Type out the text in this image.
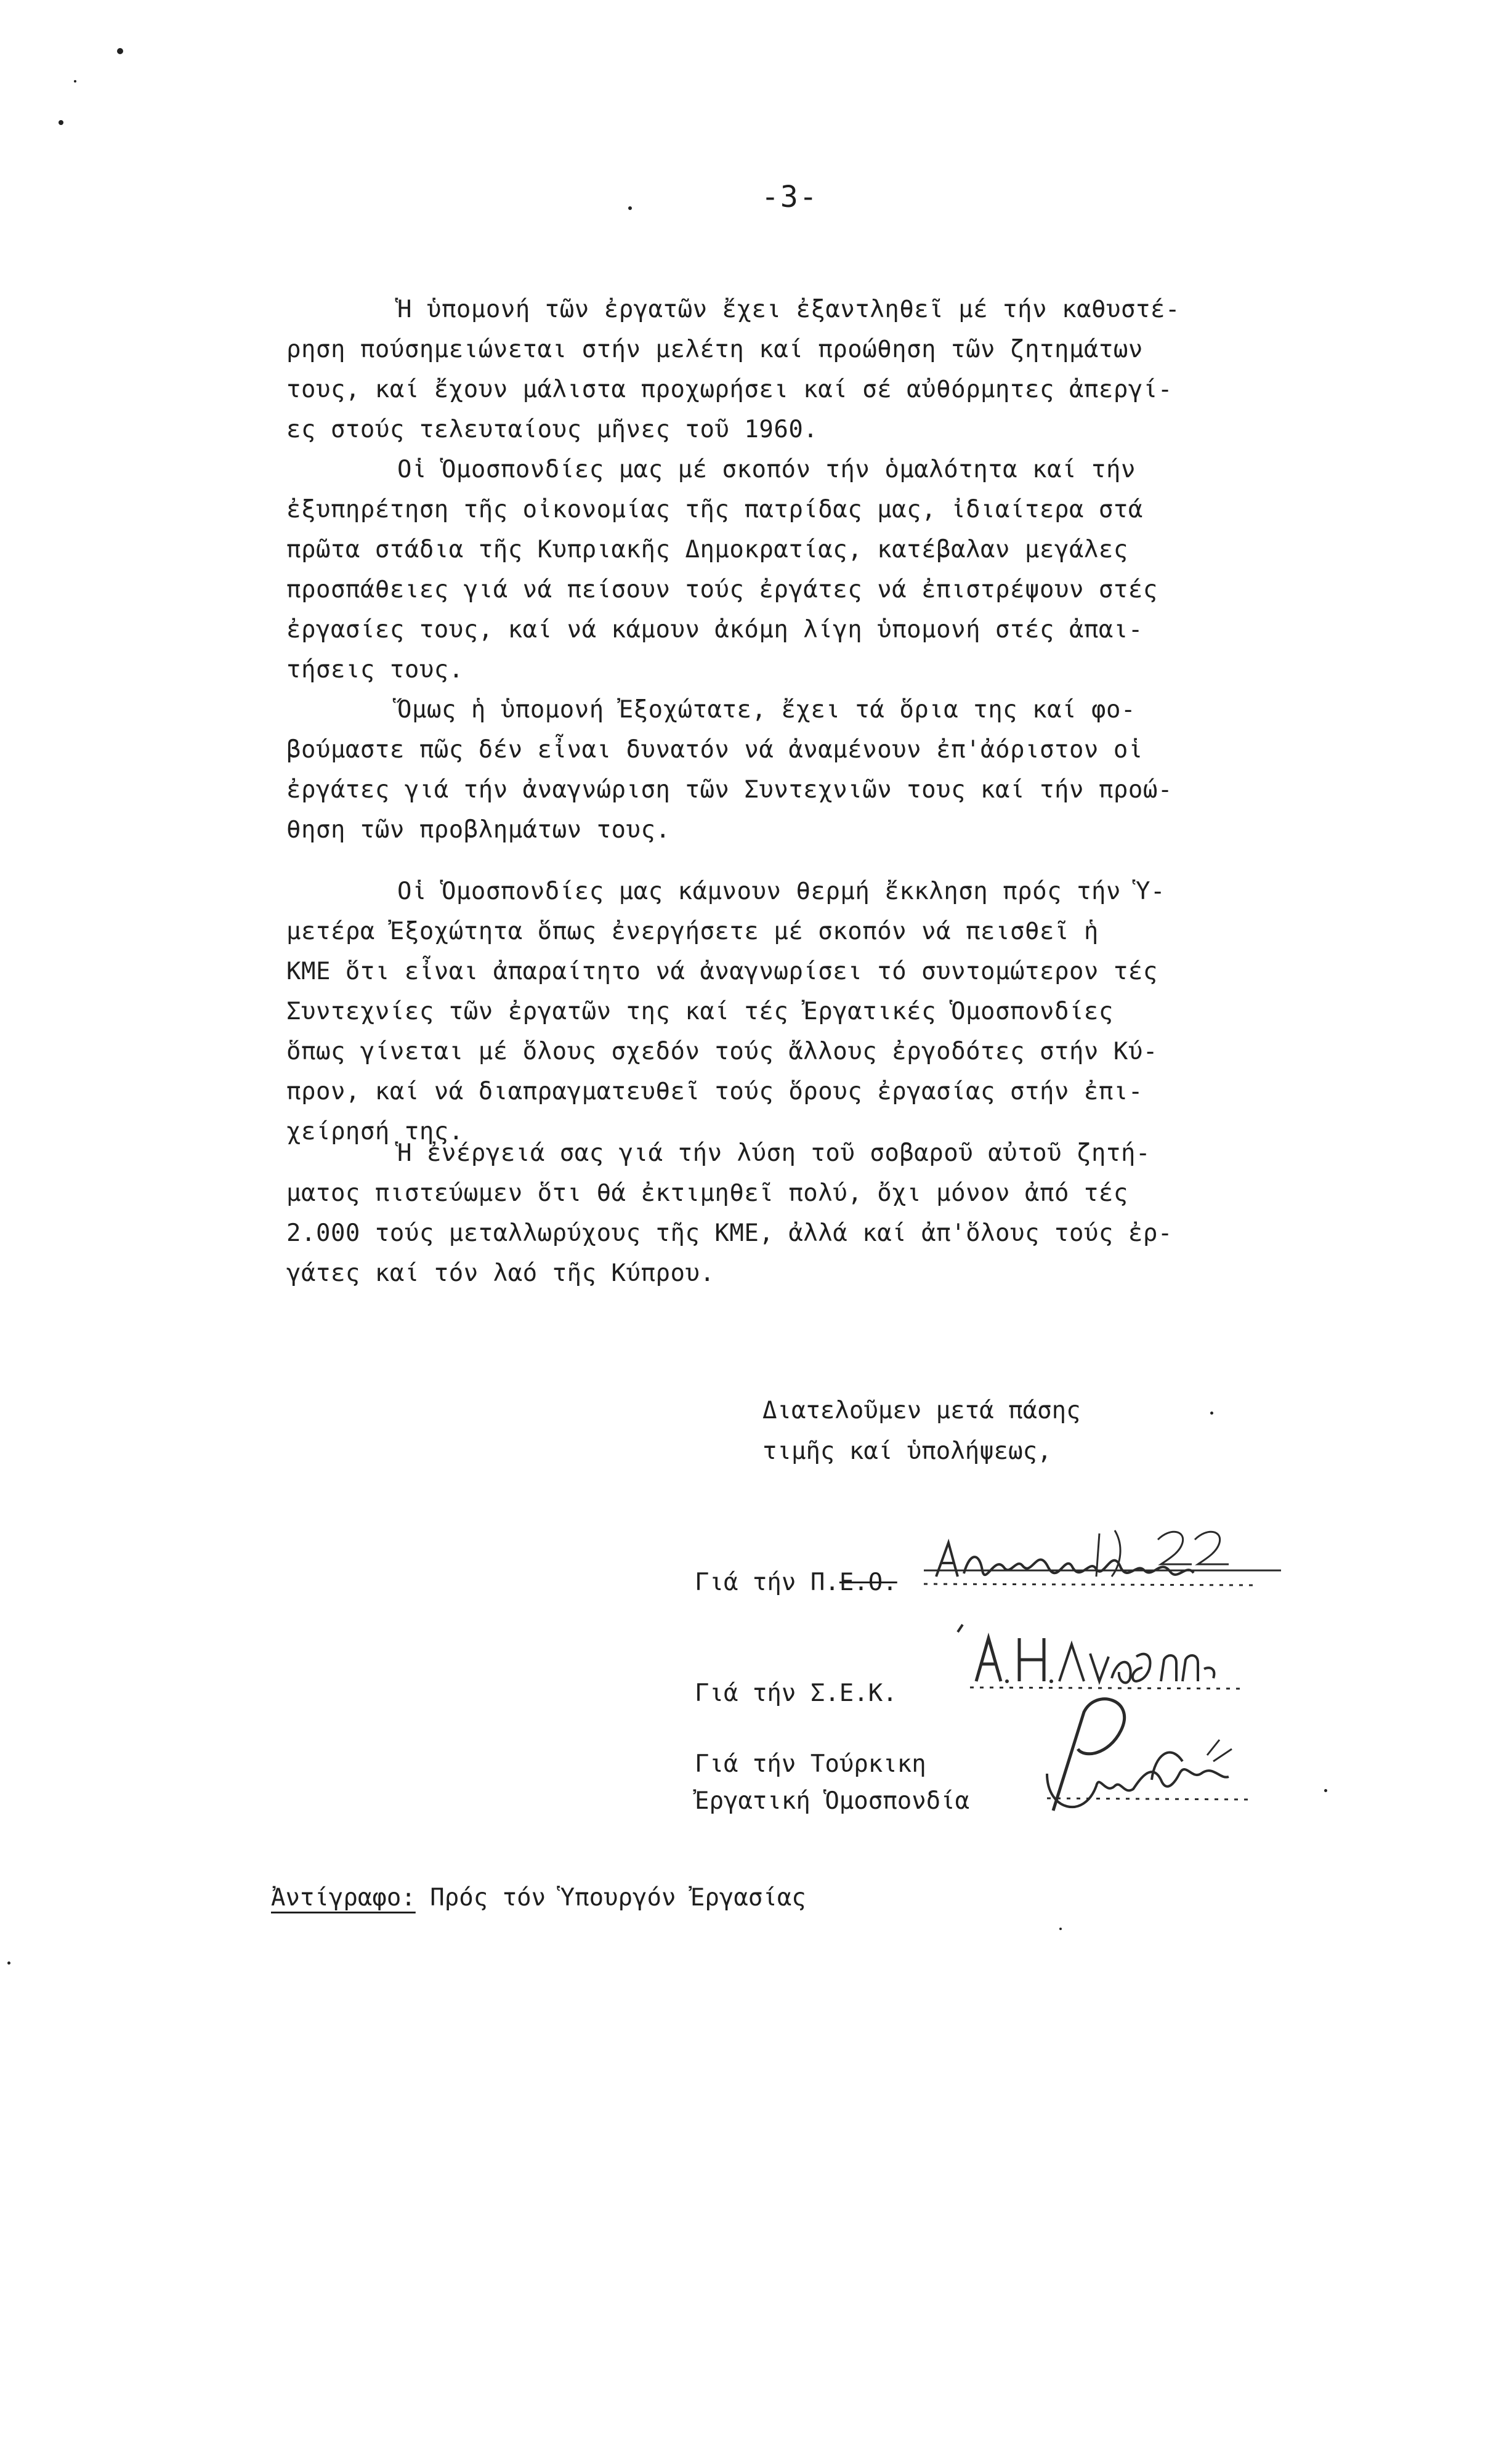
-3-
Ἡ ὑπομονή τῶν ἐργατῶν ἔχει ἐξαντληθεῖ μέ τήν καθυστέ-
ρηση πούσημειώνεται στήν μελέτη καί προώθηση τῶν ζητημάτων
τους, καί ἔχουν μάλιστα προχωρήσει καί σέ αὐθόρμητες ἀπεργί-
ες στούς τελευταίους μῆνες τοῦ 1960.
Οἱ Ὁμοσπονδίες μας μέ σκοπόν τήν ὁμαλότητα καί τήν
ἐξυπηρέτηση τῆς οἰκονομίας τῆς πατρίδας μας, ἰδιαίτερα στά
πρῶτα στάδια τῆς Κυπριακῆς Δημοκρατίας, κατέβαλαν μεγάλες
προσπάθειες γιά νά πείσουν τούς ἐργάτες νά ἐπιστρέψουν στές
ἐργασίες τους, καί νά κάμουν ἀκόμη λίγη ὑπομονή στές ἀπαι-
τήσεις τους.
Ὅμως ἡ ὑπομονή Ἐξοχώτατε, ἔχει τά ὅρια της καί φο-
βούμαστε πῶς δέν εἶναι δυνατόν νά ἀναμένουν ἐπ'ἀόριστον οἱ
ἐργάτες γιά τήν ἀναγνώριση τῶν Συντεχνιῶν τους καί τήν προώ-
θηση τῶν προβλημάτων τους.
Οἱ Ὁμοσπονδίες μας κάμνουν θερμή ἔκκληση πρός τήν Ὑ-
μετέρα Ἐξοχώτητα ὅπως ἐνεργήσετε μέ σκοπόν νά πεισθεῖ ἡ
ΚΜΕ ὅτι εἶναι ἀπαραίτητο νά ἀναγνωρίσει τό συντομώτερον τές
Συντεχνίες τῶν ἐργατῶν της καί τές Ἐργατικές Ὁμοσπονδίες
ὅπως γίνεται μέ ὅλους σχεδόν τούς ἄλλους ἐργοδότες στήν Κύ-
προν, καί νά διαπραγματευθεῖ τούς ὅρους ἐργασίας στήν ἐπι-
χείρησή της.
Ἡ ἐνέργειά σας γιά τήν λύση τοῦ σοβαροῦ αὐτοῦ ζητή-
ματος πιστεύωμεν ὅτι θά ἐκτιμηθεῖ πολύ, ὄχι μόνον ἀπό τές
2.000 τούς μεταλλωρύχους τῆς ΚΜΕ, ἀλλά καί ἀπ'ὅλους τούς ἐρ-
γάτες καί τόν λαό τῆς Κύπρου.
Διατελοῦμεν μετά πάσης
τιμῆς καί ὑπολήψεως,
Γιά τήν Π.Ε.Ο.
Γιά τήν Σ.Ε.Κ.
Γιά τήν Τούρκικη
Ἐργατική Ὁμοσπονδία
Ἀντίγραφο: Πρός τόν Ὑπουργόν Ἐργασίας
